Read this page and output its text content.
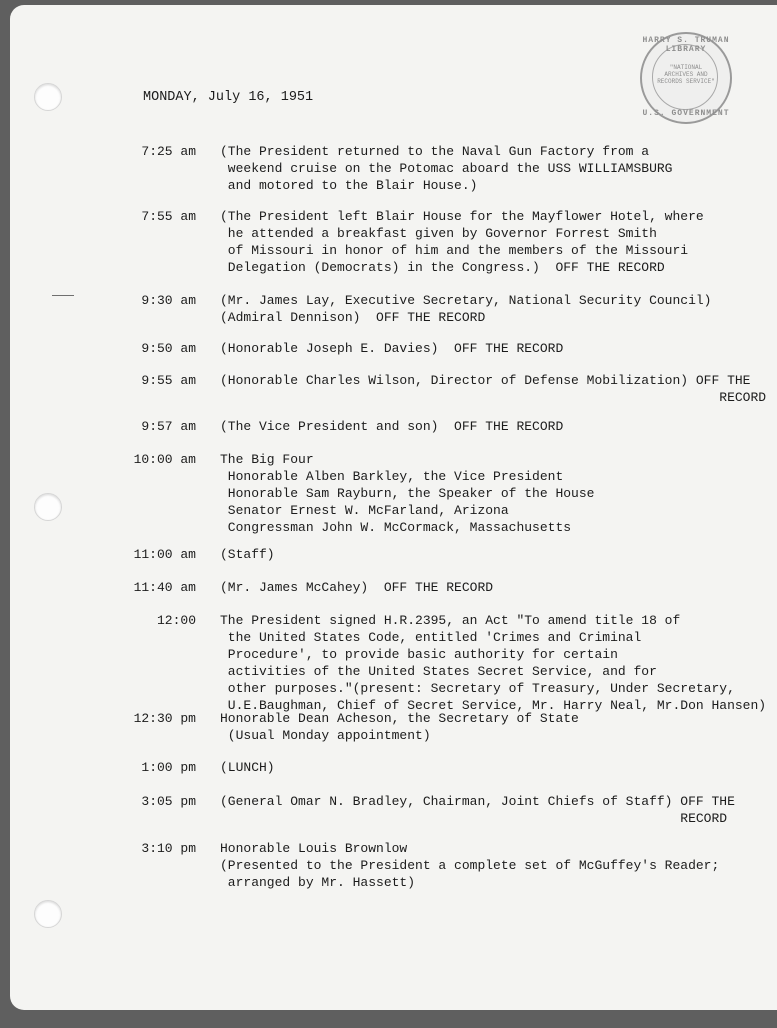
HARRY S. TRUMAN LIBRARY
"NATIONAL ARCHIVES AND RECORDS SERVICE"
U.S. GOVERNMENT
MONDAY, July 16, 1951
7:25 am (The President returned to the Naval Gun Factory from a
weekend cruise on the Potomac aboard the USS WILLIAMSBURG
and motored to the Blair House.)
7:55 am (The President left Blair House for the Mayflower Hotel, where
he attended a breakfast given by Governor Forrest Smith
of Missouri in honor of him and the members of the Missouri
Delegation (Democrats) in the Congress.)  OFF THE RECORD
9:30 am (Mr. James Lay, Executive Secretary, National Security Council)
(Admiral Dennison)  OFF THE RECORD
9:50 am (Honorable Joseph E. Davies)  OFF THE RECORD
9:55 am (Honorable Charles Wilson, Director of Defense Mobilization) OFF THE
RECORD
9:57 am (The Vice President and son)  OFF THE RECORD
10:00 am The Big Four
Honorable Alben Barkley, the Vice President
Honorable Sam Rayburn, the Speaker of the House
Senator Ernest W. McFarland, Arizona
Congressman John W. McCormack, Massachusetts
11:00 am (Staff)
11:40 am (Mr. James McCahey)  OFF THE RECORD
12:00 The President signed H.R.2395, an Act "To amend title 18 of
the United States Code, entitled 'Crimes and Criminal
Procedure', to provide basic authority for certain
activities of the United States Secret Service, and for
other purposes."(present: Secretary of Treasury, Under Secretary,
U.E.Baughman, Chief of Secret Service, Mr. Harry Neal, Mr.Don Hansen)
12:30 pm Honorable Dean Acheson, the Secretary of State
(Usual Monday appointment)
1:00 pm (LUNCH)
3:05 pm (General Omar N. Bradley, Chairman, Joint Chiefs of Staff) OFF THE
RECORD
3:10 pm Honorable Louis Brownlow
(Presented to the President a complete set of McGuffey's Reader;
arranged by Mr. Hassett)
